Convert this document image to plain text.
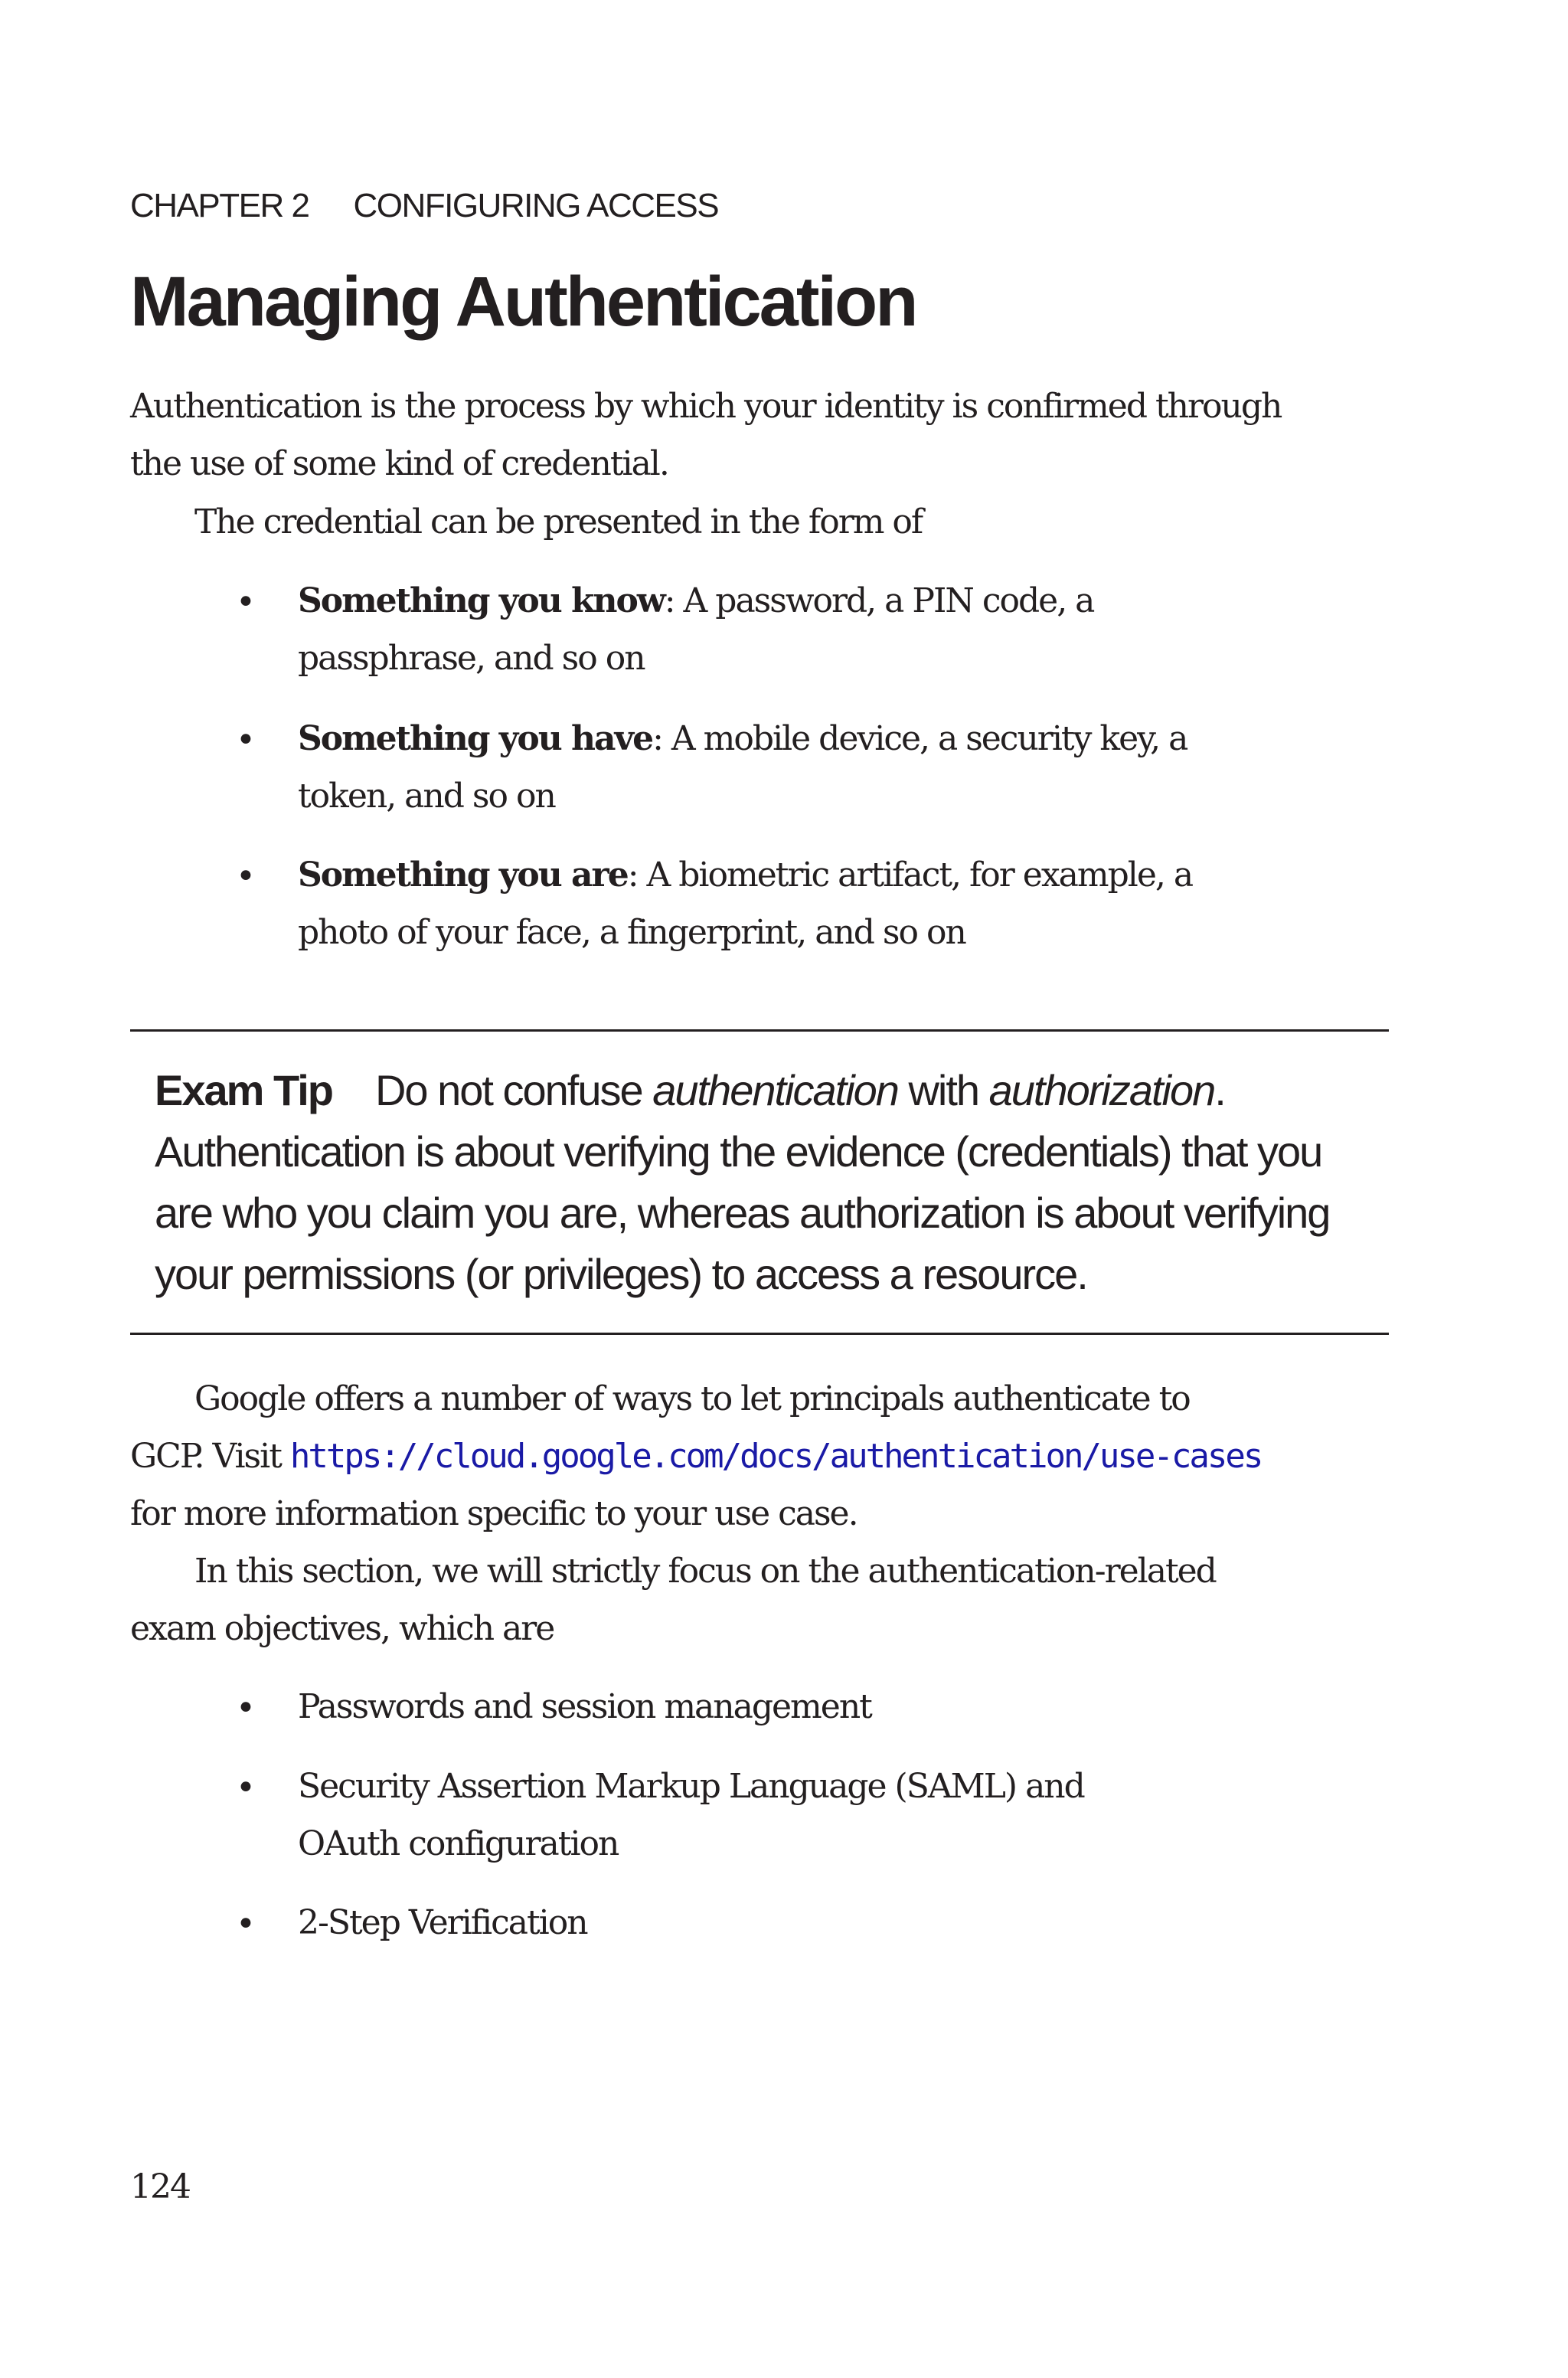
CHAPTER 2 CONFIGURING ACCESS
Managing Authentication
Authentication is the process by which your identity is confirmed through
the use of some kind of credential.
The credential can be presented in the form of
• Something you know: A password, a PIN code, a
passphrase, and so on
• Something you have: A mobile device, a security key, a
token, and so on
• Something you are: A biometric artifact, for example, a
photo of your face, a fingerprint, and so on
Exam Tip Do not confuse authentication with authorization.
Authentication is about verifying the evidence (credentials) that you
are who you claim you are, whereas authorization is about verifying
your permissions (or privileges) to access a resource.
Google offers a number of ways to let principals authenticate to
GCP. Visit https://cloud.google.com/docs/authentication/use-cases
for more information specific to your use case.
In this section, we will strictly focus on the authentication-related
exam objectives, which are
• Passwords and session management
• Security Assertion Markup Language (SAML) and
OAuth configuration
• 2-Step Verification
124
